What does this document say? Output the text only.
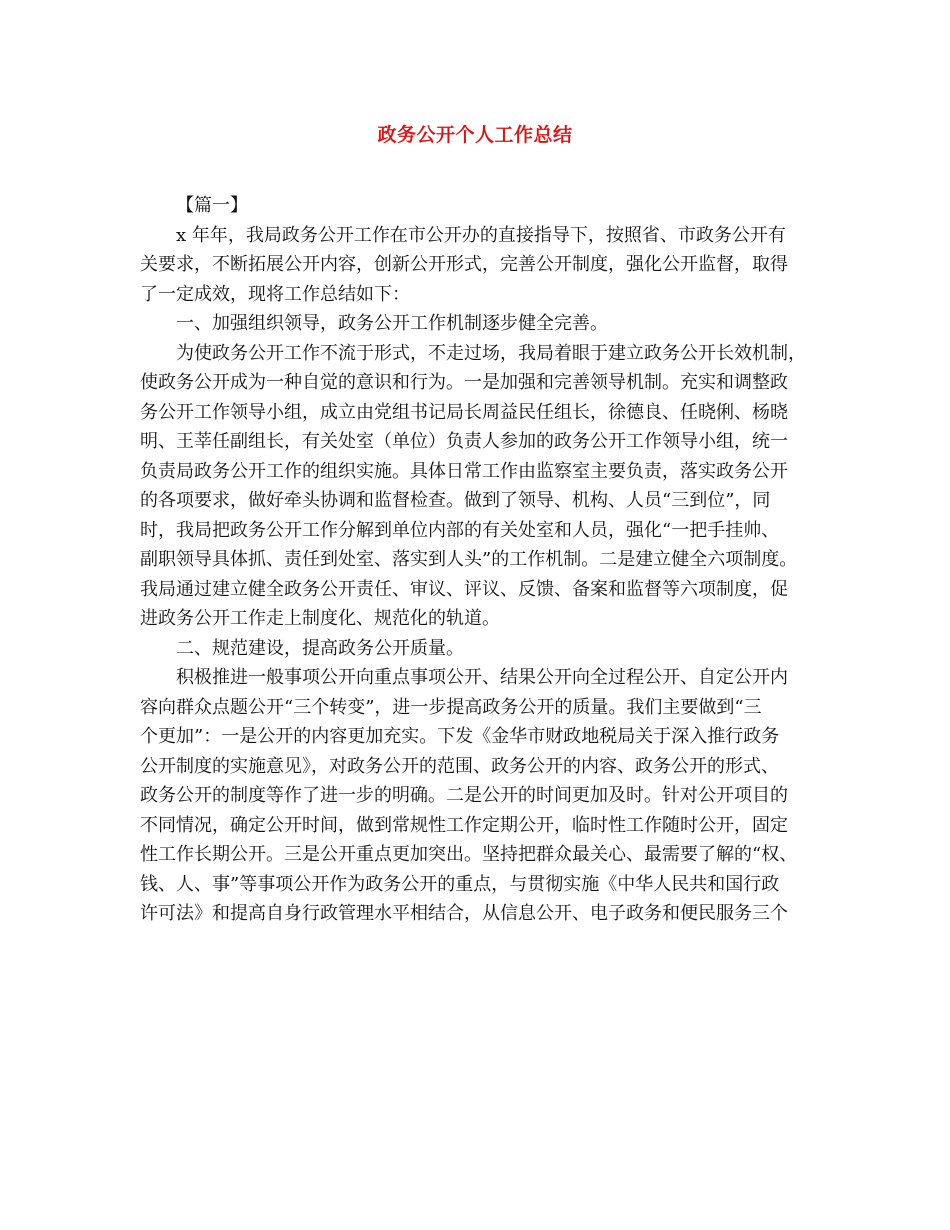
政务公开个人工作总结
【篇一】
x 年年，我局政务公开工作在市公开办的直接指导下，按照省、市政务公开有
关要求，不断拓展公开内容，创新公开形式，完善公开制度，强化公开监督，取得
了一定成效，现将工作总结如下：
一、加强组织领导，政务公开工作机制逐步健全完善。
为使政务公开工作不流于形式，不走过场，我局着眼于建立政务公开长效机制，
使政务公开成为一种自觉的意识和行为。一是加强和完善领导机制。充实和调整政
务公开工作领导小组，成立由党组书记局长周益民任组长，徐德良、任晓俐、杨晓
明、王莘任副组长，有关处室（单位）负责人参加的政务公开工作领导小组，统一
负责局政务公开工作的组织实施。具体日常工作由监察室主要负责，落实政务公开
的各项要求，做好牵头协调和监督检查。做到了领导、机构、人员“三到位”，同
时，我局把政务公开工作分解到单位内部的有关处室和人员，强化“一把手挂帅、
副职领导具体抓、责任到处室、落实到人头”的工作机制。二是建立健全六项制度。
我局通过建立健全政务公开责任、审议、评议、反馈、备案和监督等六项制度，促
进政务公开工作走上制度化、规范化的轨道。
二、规范建设，提高政务公开质量。
积极推进一般事项公开向重点事项公开、结果公开向全过程公开、自定公开内
容向群众点题公开“三个转变”，进一步提高政务公开的质量。我们主要做到“三
个更加”：一是公开的内容更加充实。下发《金华市财政地税局关于深入推行政务
公开制度的实施意见》，对政务公开的范围、政务公开的内容、政务公开的形式、
政务公开的制度等作了进一步的明确。二是公开的时间更加及时。针对公开项目的
不同情况，确定公开时间，做到常规性工作定期公开，临时性工作随时公开，固定
性工作长期公开。三是公开重点更加突出。坚持把群众最关心、最需要了解的“权、
钱、人、事”等事项公开作为政务公开的重点，与贯彻实施《中华人民共和国行政
许可法》和提高自身行政管理水平相结合，从信息公开、电子政务和便民服务三个
